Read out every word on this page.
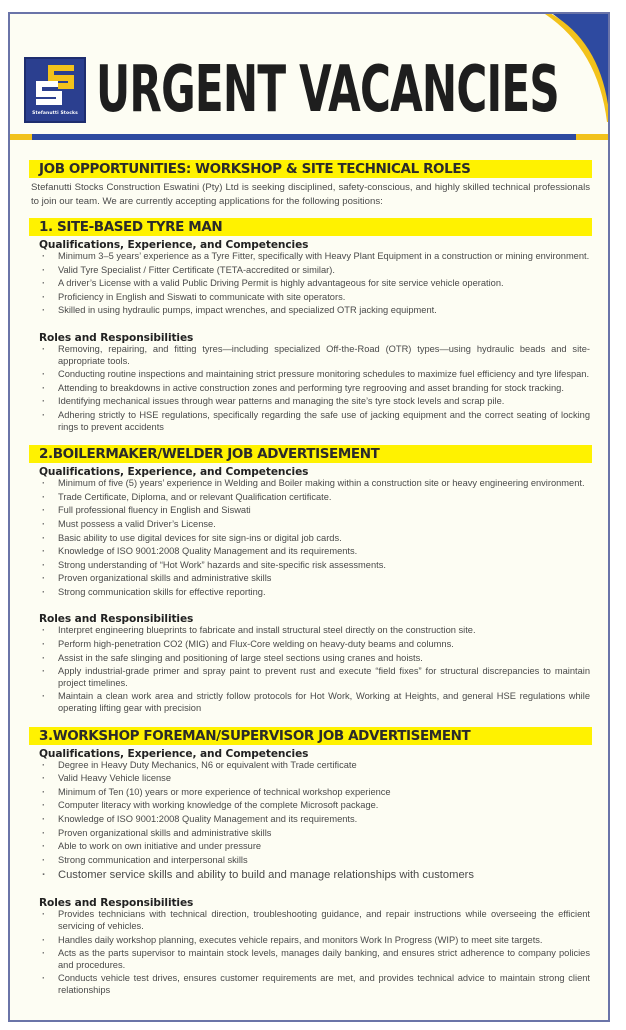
Stefanutti Stocks URGENT VACANCIES
JOB OPPORTUNITIES: WORKSHOP & SITE TECHNICAL ROLES

Stefanutti Stocks Construction Eswatini (Pty) Ltd is seeking disciplined, safety-conscious, and highly skilled technical professionals to join our team. We are currently accepting applications for the following positions:

1. SITE-BASED TYRE MAN
Qualifications, Experience, and Competencies
· Minimum 3–5 years’ experience as a Tyre Fitter, specifically with Heavy Plant Equipment in a construction or mining environment.
· Valid Tyre Specialist / Fitter Certificate (TETA-accredited or similar).
· A driver’s License with a valid Public Driving Permit is highly advantageous for site service vehicle operation.
· Proficiency in English and Siswati to communicate with site operators.
· Skilled in using hydraulic pumps, impact wrenches, and specialized OTR jacking equipment.
Roles and Responsibilities
· Removing, repairing, and fitting tyres—including specialized Off-the-Road (OTR) types—using hydraulic beads and site-appropriate tools.
· Conducting routine inspections and maintaining strict pressure monitoring schedules to maximize fuel efficiency and tyre lifespan.
· Attending to breakdowns in active construction zones and performing tyre regrooving and asset branding for stock tracking.
· Identifying mechanical issues through wear patterns and managing the site’s tyre stock levels and scrap pile.
· Adhering strictly to HSE regulations, specifically regarding the safe use of jacking equipment and the correct seating of locking rings to prevent accidents
2.BOILERMAKER/WELDER JOB ADVERTISEMENT
Qualifications, Experience, and Competencies
· Minimum of five (5) years’ experience in Welding and Boiler making within a construction site or heavy engineering environment.
· Trade Certificate, Diploma, and or relevant Qualification certificate.
· Full professional fluency in English and Siswati
· Must possess a valid Driver’s License.
· Basic ability to use digital devices for site sign-ins or digital job cards.
· Knowledge of ISO 9001:2008 Quality Management and its requirements.
· Strong understanding of “Hot Work” hazards and site-specific risk assessments.
· Proven organizational skills and administrative skills
· Strong communication skills for effective reporting.
Roles and Responsibilities
· Interpret engineering blueprints to fabricate and install structural steel directly on the construction site.
· Perform high-penetration CO2 (MIG) and Flux-Core welding on heavy-duty beams and columns.
· Assist in the safe slinging and positioning of large steel sections using cranes and hoists.
· Apply industrial-grade primer and spray paint to prevent rust and execute “field fixes” for structural discrepancies to maintain project timelines.
· Maintain a clean work area and strictly follow protocols for Hot Work, Working at Heights, and general HSE regulations while operating lifting gear with precision
3.WORKSHOP FOREMAN/SUPERVISOR JOB ADVERTISEMENT
Qualifications, Experience, and Competencies
· Degree in Heavy Duty Mechanics, N6 or equivalent with Trade certificate
· Valid Heavy Vehicle license
· Minimum of Ten (10) years or more experience of technical workshop experience
· Computer literacy with working knowledge of the complete Microsoft package.
· Knowledge of ISO 9001:2008 Quality Management and its requirements.
· Proven organizational skills and administrative skills
· Able to work on own initiative and under pressure
· Strong communication and interpersonal skills
· Customer service skills and ability to build and manage relationships with customers
Roles and Responsibilities
· Provides technicians with technical direction, troubleshooting guidance, and repair instructions while overseeing the efficient servicing of vehicles.
· Handles daily workshop planning, executes vehicle repairs, and monitors Work In Progress (WIP) to meet site targets.
· Acts as the parts supervisor to maintain stock levels, manages daily banking, and ensures strict adherence to company policies and procedures.
· Conducts vehicle test drives, ensures customer requirements are met, and provides technical advice to maintain strong client relationships
